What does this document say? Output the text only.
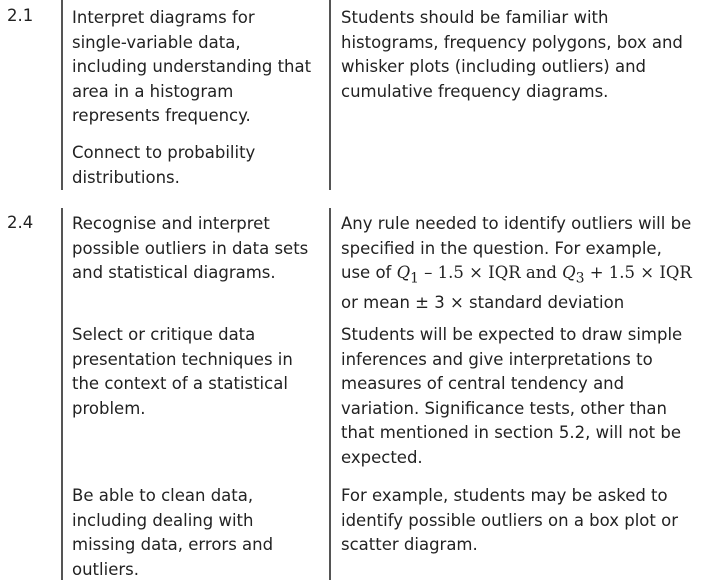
2.1 Interpret diagrams for
single-variable data,
including understanding that
area in a histogram
represents frequency.
Connect to probability
distributions.
Students should be familiar with
histograms, frequency polygons, box and
whisker plots (including outliers) and
cumulative frequency diagrams.
2.4 Recognise and interpret
possible outliers in data sets
and statistical diagrams.
Select or critique data
presentation techniques in
the context of a statistical
problem.
Be able to clean data,
including dealing with
missing data, errors and
outliers.
Any rule needed to identify outliers will be
specified in the question. For example,
use of $Q_1 - 1.5$ × IQR and $Q_3 + 1.5$ × IQR
or mean ± 3 × standard deviation
Students will be expected to draw simple
inferences and give interpretations to
measures of central tendency and
variation. Significance tests, other than
that mentioned in section 5.2, will not be
expected.
For example, students may be asked to
identify possible outliers on a box plot or
scatter diagram.
